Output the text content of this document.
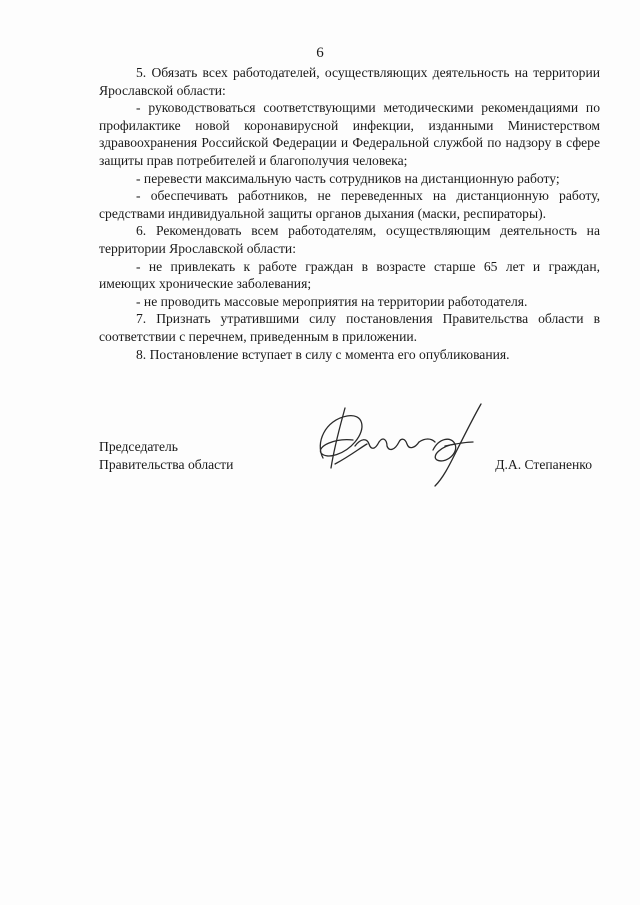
6

5. Обязать всех работодателей, осуществляющих деятельность на территории Ярославской области:

- руководствоваться соответствующими методическими рекомендациями по профилактике новой коронавирусной инфекции, изданными Министерством здравоохранения Российской Федерации и Федеральной службой по надзору в сфере защиты прав потребителей и благополучия человека;

- перевести максимальную часть сотрудников на дистанционную работу;

- обеспечивать работников, не переведенных на дистанционную работу, средствами индивидуальной защиты органов дыхания (маски, респираторы).

6. Рекомендовать всем работодателям, осуществляющим деятельность на территории Ярославской области:

- не привлекать к работе граждан в возрасте старше 65 лет и граждан, имеющих хронические заболевания;

- не проводить массовые мероприятия на территории работодателя.

7. Признать утратившими силу постановления Правительства области в соответствии с перечнем, приведенным в приложении.

8. Постановление вступает в силу с момента его опубликования.

Председатель
Правительства области	Д.А. Степаненко
